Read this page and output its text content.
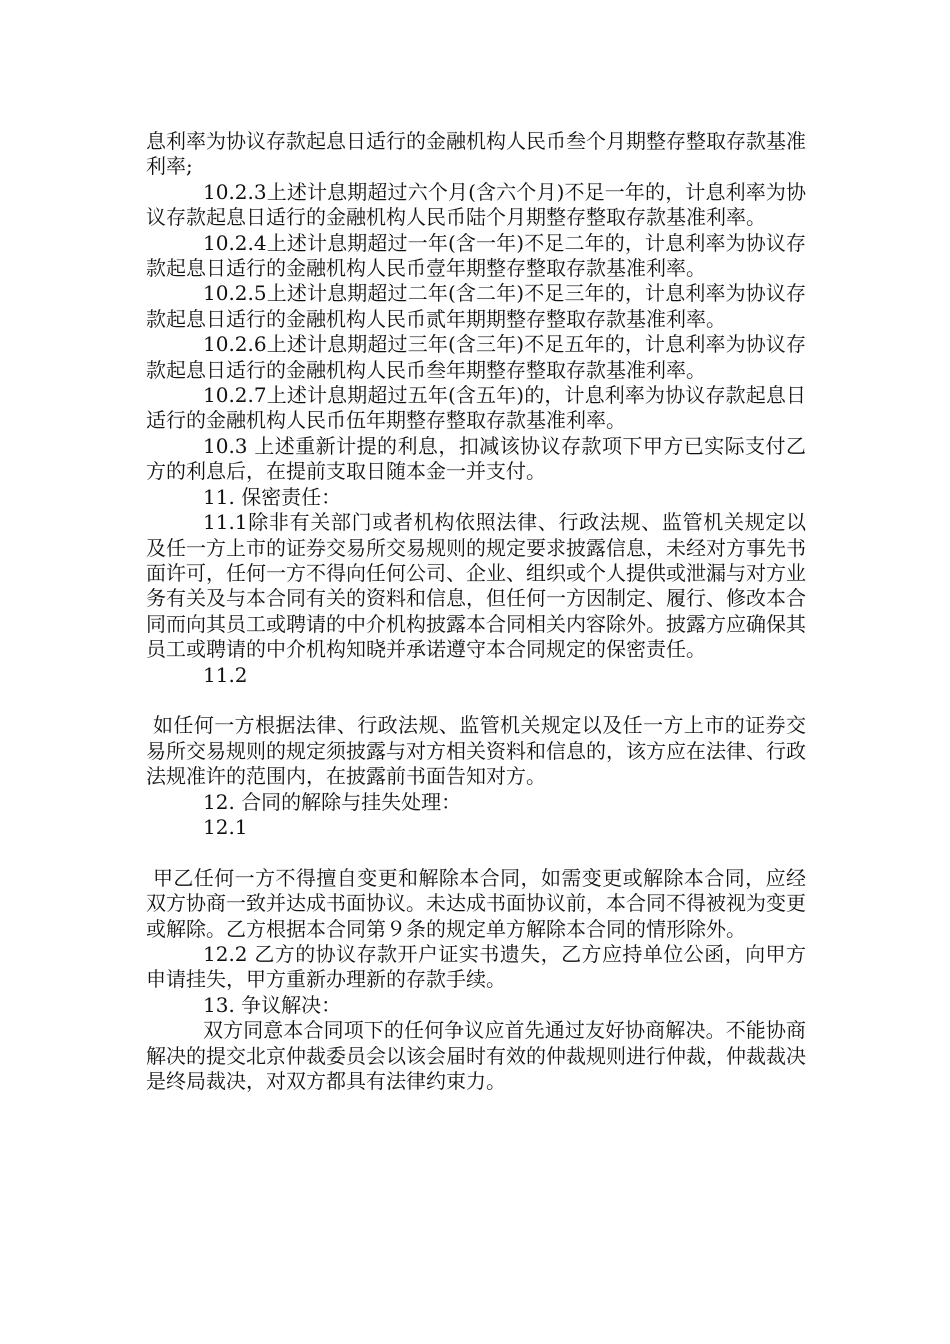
息利率为协议存款起息日适行的金融机构人民币叁个月期整存整取存款基准利率;

10.2.3上述计息期超过六个月(含六个月)不足一年的，计息利率为协议存款起息日适行的金融机构人民币陆个月期整存整取存款基准利率。

10.2.4上述计息期超过一年(含一年)不足二年的，计息利率为协议存款起息日适行的金融机构人民币壹年期整存整取存款基准利率。

10.2.5上述计息期超过二年(含二年)不足三年的，计息利率为协议存款起息日适行的金融机构人民币贰年期期整存整取存款基准利率。

10.2.6上述计息期超过三年(含三年)不足五年的，计息利率为协议存款起息日适行的金融机构人民币叁年期整存整取存款基准利率。

10.2.7上述计息期超过五年(含五年)的，计息利率为协议存款起息日适行的金融机构人民币伍年期整存整取存款基准利率。

10.3 上述重新计提的利息，扣减该协议存款项下甲方已实际支付乙方的利息后，在提前支取日随本金一并支付。

11. 保密责任：

11.1除非有关部门或者机构依照法律、行政法规、监管机关规定以及任一方上市的证券交易所交易规则的规定要求披露信息，未经对方事先书面许可，任何一方不得向任何公司、企业、组织或个人提供或泄漏与对方业务有关及与本合同有关的资料和信息，但任何一方因制定、履行、修改本合同而向其员工或聘请的中介机构披露本合同相关内容除外。披露方应确保其员工或聘请的中介机构知晓并承诺遵守本合同规定的保密责任。

11.2

如任何一方根据法律、行政法规、监管机关规定以及任一方上市的证券交易所交易规则的规定须披露与对方相关资料和信息的，该方应在法律、行政法规准许的范围内，在披露前书面告知对方。

12. 合同的解除与挂失处理：

12.1

甲乙任何一方不得擅自变更和解除本合同，如需变更或解除本合同，应经双方协商一致并达成书面协议。未达成书面协议前，本合同不得被视为变更或解除。乙方根据本合同第９条的规定单方解除本合同的情形除外。

12.2 乙方的协议存款开户证实书遗失，乙方应持单位公函，向甲方申请挂失，甲方重新办理新的存款手续。

13. 争议解决：

双方同意本合同项下的任何争议应首先通过友好协商解决。不能协商解决的提交北京仲裁委员会以该会届时有效的仲裁规则进行仲裁，仲裁裁决是终局裁决，对双方都具有法律约束力。
